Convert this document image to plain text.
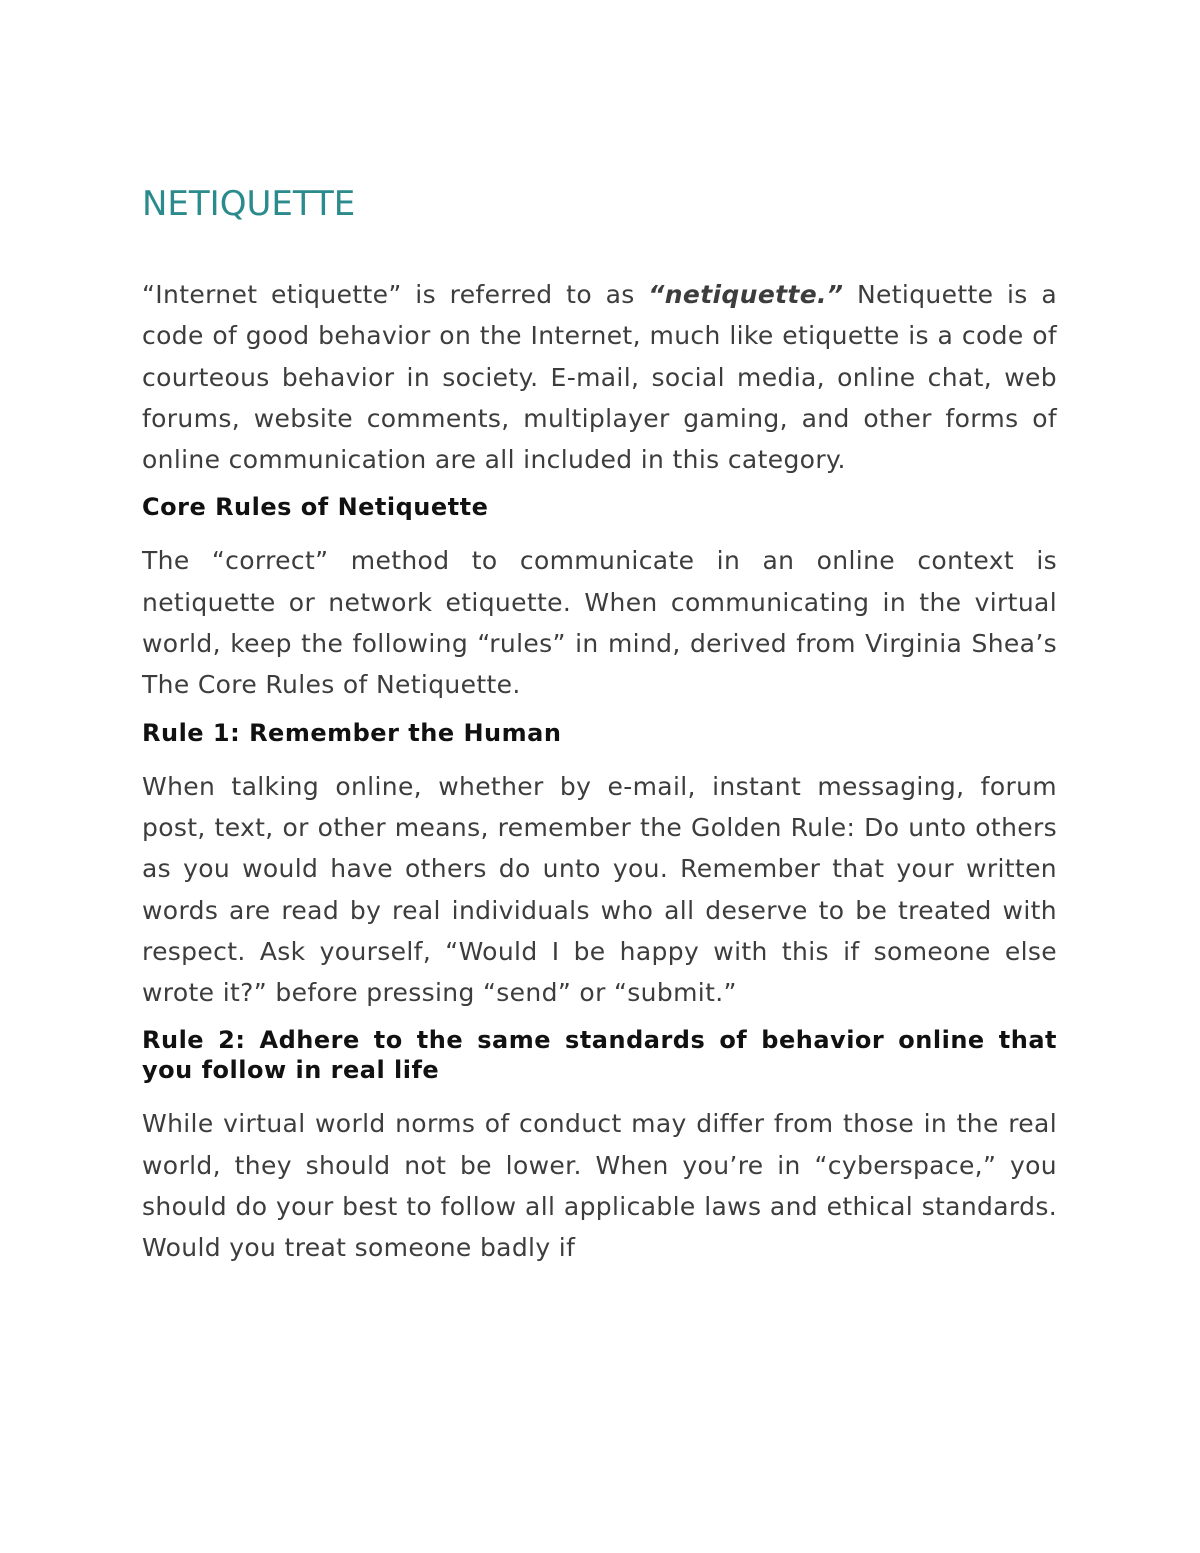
NETIQUETTE

“Internet etiquette” is referred to as “netiquette.” Netiquette is a code of good behavior on the Internet, much like etiquette is a code of courteous behavior in society. E-mail, social media, online chat, web forums, website comments, multiplayer gaming, and other forms of online communication are all included in this category.

Core Rules of Netiquette

The “correct” method to communicate in an online context is netiquette or network etiquette. When communicating in the virtual world, keep the following “rules” in mind, derived from Virginia Shea’s The Core Rules of Netiquette.

Rule 1: Remember the Human

When talking online, whether by e-mail, instant messaging, forum post, text, or other means, remember the Golden Rule: Do unto others as you would have others do unto you. Remember that your written words are read by real individuals who all deserve to be treated with respect. Ask yourself, “Would I be happy with this if someone else wrote it?” before pressing “send” or “submit.”

Rule 2: Adhere to the same standards of behavior online that you follow in real life

While virtual world norms of conduct may differ from those in the real world, they should not be lower. When you’re in “cyberspace,” you should do your best to follow all applicable laws and ethical standards. Would you treat someone badly if
